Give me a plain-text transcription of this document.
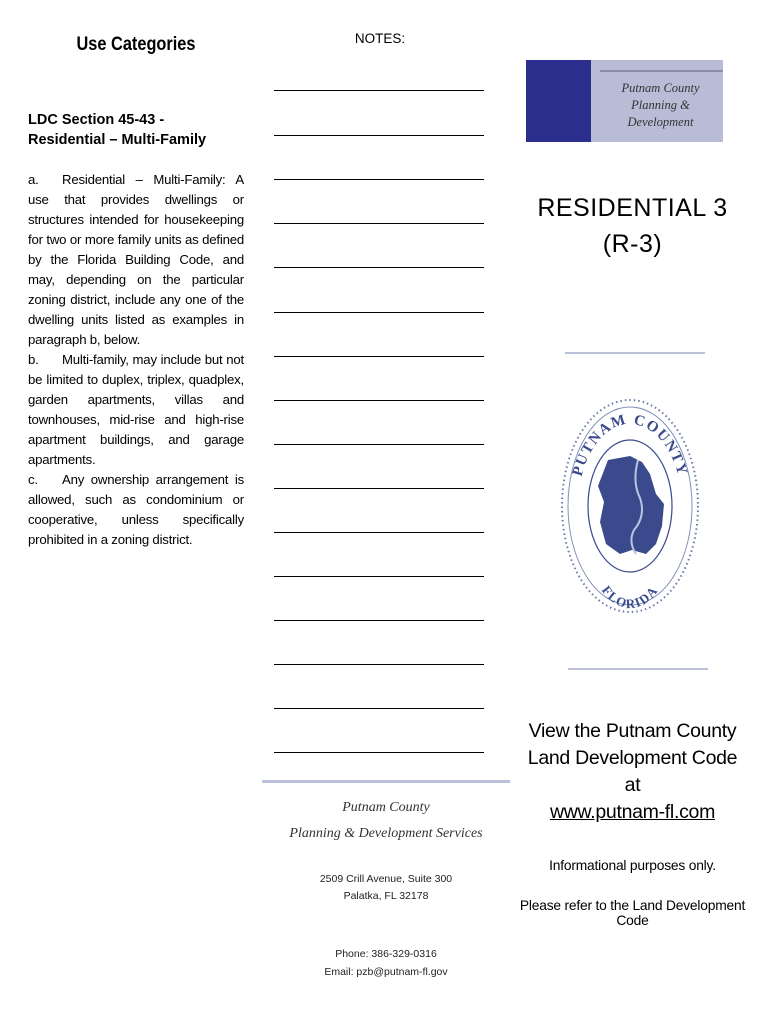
Use Categories
LDC Section 45-43 - Residential – Multi-Family
a. Residential – Multi-Family: A use that provides dwellings or structures intended for housekeeping for two or more family units as defined by the Florida Building Code, and may, depending on the particular zoning district, include any one of the dwelling units listed as examples in paragraph b, below.
b. Multi-family, may include but not be limited to duplex, triplex, quadplex, garden apartments, villas and townhouses, mid-rise and high-rise apartment buildings, and garage apartments.
c. Any ownership arrangement is allowed, such as condominium or cooperative, unless specifically prohibited in a zoning district.
NOTES:
Putnam County
Planning & Development Services
2509 Crill Avenue, Suite 300
Palatka, FL 32178
Phone: 386-329-0316
Email: pzb@putnam-fl.gov
Putnam County
Planning & Development
RESIDENTIAL 3
(R-3)
PUTNAM COUNTY
FLORIDA
View the Putnam County
Land Development Code at
www.putnam-fl.com
Informational purposes only.
Please refer to the Land Development Code
